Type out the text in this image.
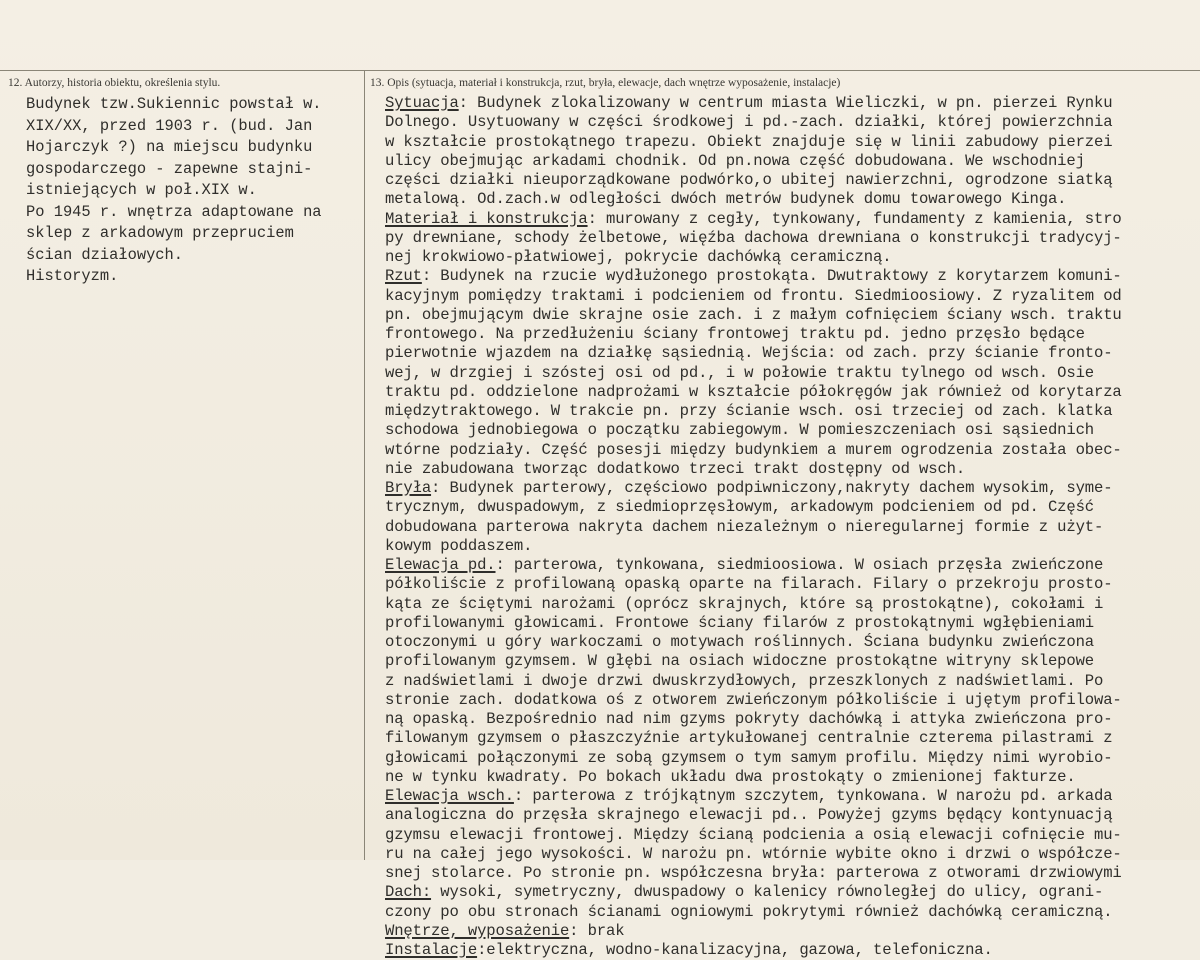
12. Autorzy, historia obiektu, określenia stylu.	13. Opis (sytuacja, materiał i konstrukcja, rzut, bryła, elewacje, dach wnętrze wyposażenie, instalacje)
Budynek tzw.Sukiennic powstał w.
XIX/XX, przed 1903 r. (bud. Jan
Hojarczyk ?) na miejscu budynku
gospodarczego - zapewne stajni-
istniejących w poł.XIX w.
Po 1945 r. wnętrza adaptowane na
sklep z arkadowym przepruciem
ścian działowych.
Historyzm.
Sytuacja: Budynek zlokalizowany w centrum miasta Wieliczki, w pn. pierzei Rynku
Dolnego. Usytuowany w części środkowej i pd.-zach. działki, której powierzchnia
w kształcie prostokątnego trapezu. Obiekt znajduje się w linii zabudowy pierzei
ulicy obejmując arkadami chodnik. Od pn.nowa część dobudowana. We wschodniej
części działki nieuporządkowane podwórko,o ubitej nawierzchni, ogrodzone siatką
metalową. Od.zach.w odległości dwóch metrów budynek domu towarowego Kinga.
Materiał i konstrukcja: murowany z cegły, tynkowany, fundamenty z kamienia, stro
py drewniane, schody żelbetowe, więźba dachowa drewniana o konstrukcji tradycyj-
nej krokwiowo-płatwiowej, pokrycie dachówką ceramiczną.
Rzut: Budynek na rzucie wydłużonego prostokąta. Dwutraktowy z korytarzem komuni-
kacyjnym pomiędzy traktami i podcieniem od frontu. Siedmioosiowy. Z ryzalitem od
pn. obejmującym dwie skrajne osie zach. i z małym cofnięciem ściany wsch. traktu
frontowego. Na przedłużeniu ściany frontowej traktu pd. jedno przęsło będące
pierwotnie wjazdem na działkę sąsiednią. Wejścia: od zach. przy ścianie fronto-
wej, w drzgiej i szóstej osi od pd., i w połowie traktu tylnego od wsch. Osie
traktu pd. oddzielone nadprożami w kształcie półokręgów jak również od korytarza
międzytraktowego. W trakcie pn. przy ścianie wsch. osi trzeciej od zach. klatka
schodowa jednobiegowa o początku zabiegowym. W pomieszczeniach osi sąsiednich
wtórne podziały. Część posesji między budynkiem a murem ogrodzenia została obec-
nie zabudowana tworząc dodatkowo trzeci trakt dostępny od wsch.
Bryła: Budynek parterowy, częściowo podpiwniczony,nakryty dachem wysokim, syme-
trycznym, dwuspadowym, z siedmioprzęsłowym, arkadowym podcieniem od pd. Część
dobudowana parterowa nakryta dachem niezależnym o nieregularnej formie z użyt-
kowym poddaszem.
Elewacja pd.: parterowa, tynkowana, siedmioosiowa. W osiach przęsła zwieńczone
półkoliście z profilowaną opaską oparte na filarach. Filary o przekroju prosto-
kąta ze ściętymi narożami (oprócz skrajnych, które są prostokątne), cokołami i
profilowanymi głowicami. Frontowe ściany filarów z prostokątnymi wgłębieniami
otoczonymi u góry warkoczami o motywach roślinnych. Ściana budynku zwieńczona
profilowanym gzymsem. W głębi na osiach widoczne prostokątne witryny sklepowe
z nadświetlami i dwoje drzwi dwuskrzydłowych, przeszklonych z nadświetlami. Po
stronie zach. dodatkowa oś z otworem zwieńczonym półkoliście i ujętym profilowa-
ną opaską. Bezpośrednio nad nim gzyms pokryty dachówką i attyka zwieńczona pro-
filowanym gzymsem o płaszczyźnie artykułowanej centralnie czterema pilastrami z
głowicami połączonymi ze sobą gzymsem o tym samym profilu. Między nimi wyrobio-
ne w tynku kwadraty. Po bokach układu dwa prostokąty o zmienionej fakturze.
Elewacja wsch.: parterowa z trójkątnym szczytem, tynkowana. W narożu pd. arkada
analogiczna do przęsła skrajnego elewacji pd.. Powyżej gzyms będący kontynuacją
gzymsu elewacji frontowej. Między ścianą podcienia a osią elewacji cofnięcie mu-
ru na całej jego wysokości. W narożu pn. wtórnie wybite okno i drzwi o współcze-
snej stolarce. Po stronie pn. współczesna bryła: parterowa z otworami drzwiowymi
Dach: wysoki, symetryczny, dwuspadowy o kalenicy równoległej do ulicy, ograni-
czony po obu stronach ścianami ogniowymi pokrytymi również dachówką ceramiczną.
Wnętrze, wyposażenie: brak
Instalacje:elektryczna, wodno-kanalizacyjna, gazowa, telefoniczna.
